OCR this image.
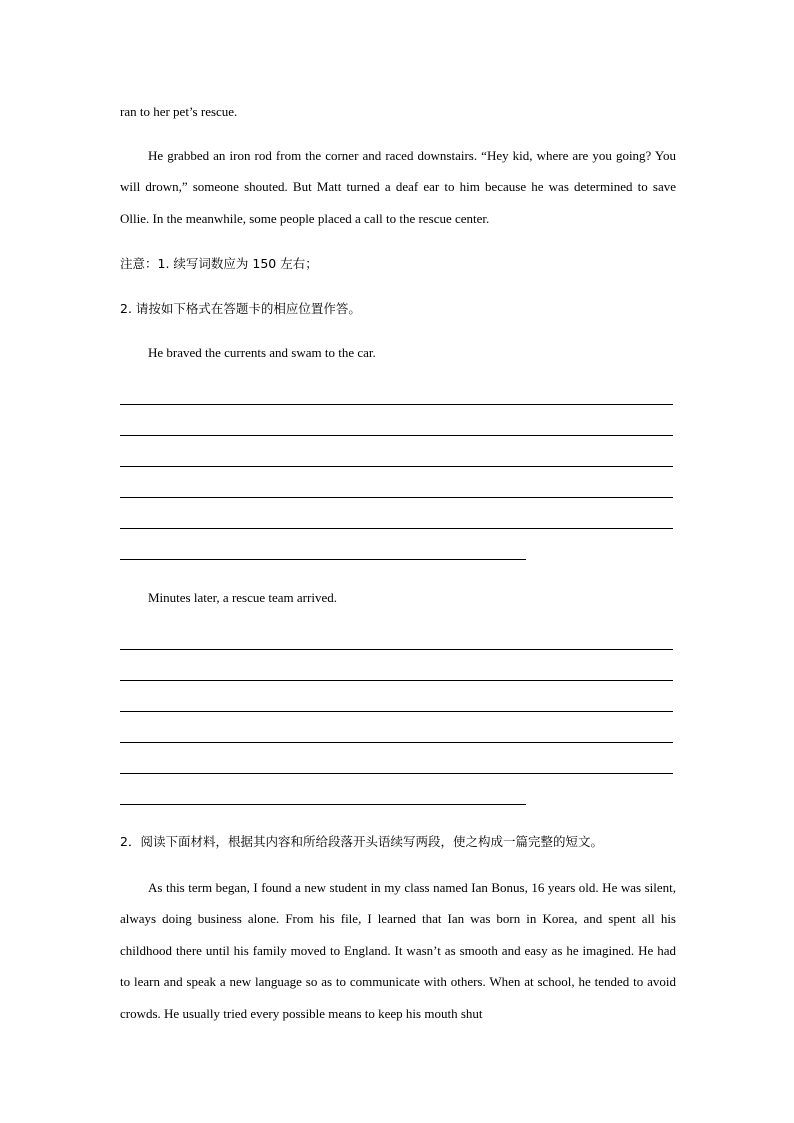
ran to her pet’s rescue.
He grabbed an iron rod from the corner and raced downstairs. “Hey kid, where are you going? You will drown,” someone shouted. But Matt turned a deaf ear to him because he was determined to save Ollie. In the meanwhile, some people placed a call to the rescue center.
注意：1. 续写词数应为 150 左右；
2. 请按如下格式在答题卡的相应位置作答。
He braved the currents and swam to the car.
Minutes later, a rescue team arrived.
2．阅读下面材料，根据其内容和所给段落开头语续写两段，使之构成一篇完整的短文。
As this term began, I found a new student in my class named Ian Bonus, 16 years old. He was silent, always doing business alone. From his file, I learned that Ian was born in Korea, and spent all his childhood there until his family moved to England. It wasn’t as smooth and easy as he imagined. He had to learn and speak a new language so as to communicate with others. When at school, he tended to avoid crowds. He usually tried every possible means to keep his mouth shut
